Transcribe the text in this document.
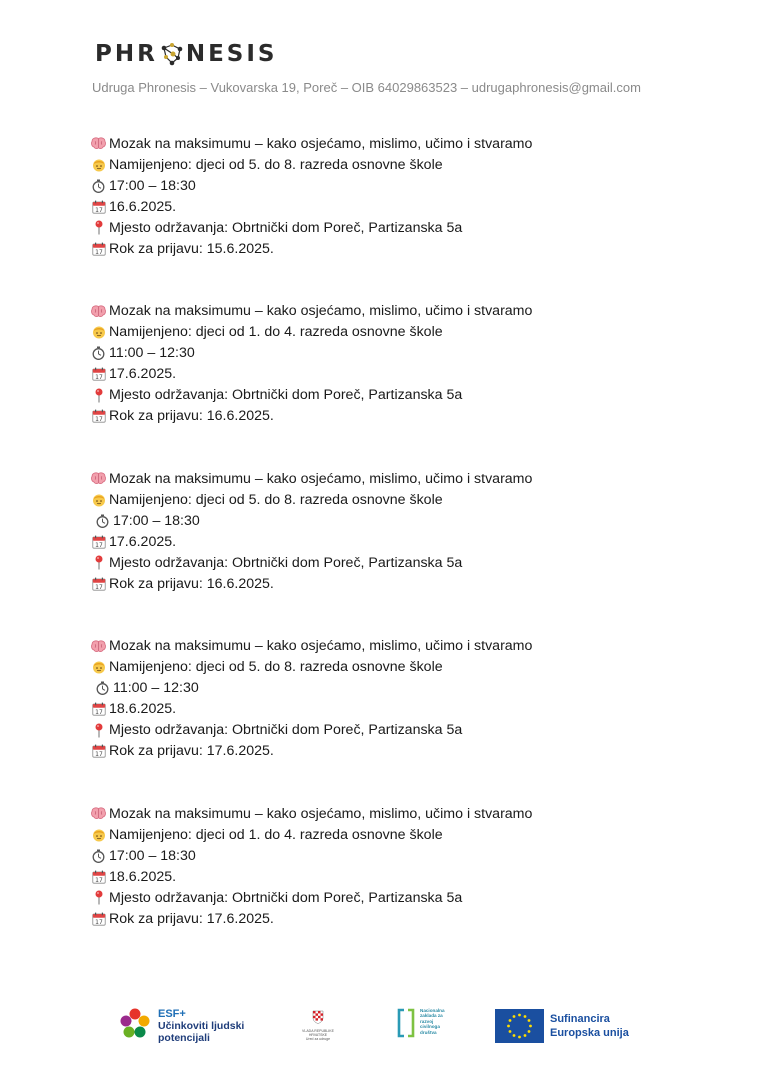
PHR NESIS
Udruga Phronesis – Vukovarska 19, Poreč – OIB 64029863523 – udrugaphronesis@gmail.com
Mozak na maksimumu – kako osjećamo, mislimo, učimo i stvaramo
Namijenjeno: djeci od 5. do 8. razreda osnovne škole
17:00 – 18:30
17 16.6.2025.
Mjesto održavanja: Obrtnički dom Poreč, Partizanska 5a
17 Rok za prijavu: 15.6.2025.
Mozak na maksimumu – kako osjećamo, mislimo, učimo i stvaramo
Namijenjeno: djeci od 1. do 4. razreda osnovne škole
11:00 – 12:30
17 17.6.2025.
Mjesto održavanja: Obrtnički dom Poreč, Partizanska 5a
17 Rok za prijavu: 16.6.2025.
Mozak na maksimumu – kako osjećamo, mislimo, učimo i stvaramo
Namijenjeno: djeci od 5. do 8. razreda osnovne škole
17:00 – 18:30
17 17.6.2025.
Mjesto održavanja: Obrtnički dom Poreč, Partizanska 5a
17 Rok za prijavu: 16.6.2025.
Mozak na maksimumu – kako osjećamo, mislimo, učimo i stvaramo
Namijenjeno: djeci od 5. do 8. razreda osnovne škole
11:00 – 12:30
17 18.6.2025.
Mjesto održavanja: Obrtnički dom Poreč, Partizanska 5a
17 Rok za prijavu: 17.6.2025.
Mozak na maksimumu – kako osjećamo, mislimo, učimo i stvaramo
Namijenjeno: djeci od 1. do 4. razreda osnovne škole
17:00 – 18:30
17 18.6.2025.
Mjesto održavanja: Obrtnički dom Poreč, Partizanska 5a
17 Rok za prijavu: 17.6.2025.
ESF+
Učinkoviti ljudski
potencijali
VLADA REPUBLIKE HRVATSKE
Ured za udruge
Nacionalna
zaklada za
razvoj
civilnoga
društva
Sufinancira
Europska unija
